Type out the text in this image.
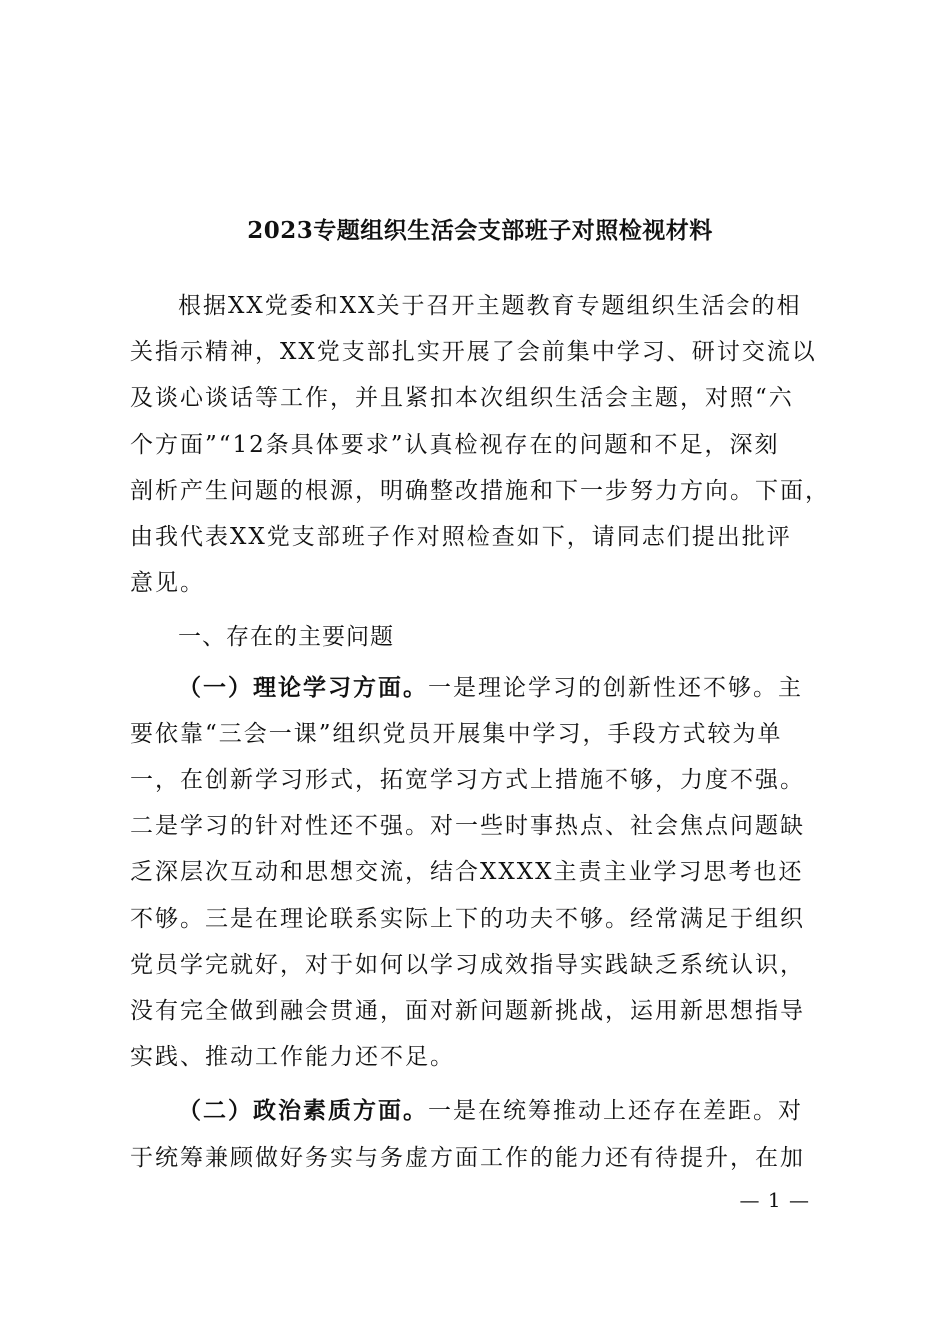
2023专题组织生活会支部班子对照检视材料
根据XX党委和XX关于召开主题教育专题组织生活会的相
关指示精神，XX党支部扎实开展了会前集中学习、研讨交流以
及谈心谈话等工作，并且紧扣本次组织生活会主题，对照“六
个方面”“12条具体要求”认真检视存在的问题和不足，深刻
剖析产生问题的根源，明确整改措施和下一步努力方向。下面，
由我代表XX党支部班子作对照检查如下，请同志们提出批评
意见。
一、存在的主要问题
（一）理论学习方面。一是理论学习的创新性还不够。主
要依靠“三会一课”组织党员开展集中学习，手段方式较为单
一，在创新学习形式，拓宽学习方式上措施不够，力度不强。
二是学习的针对性还不强。对一些时事热点、社会焦点问题缺
乏深层次互动和思想交流，结合XXXX主责主业学习思考也还
不够。三是在理论联系实际上下的功夫不够。经常满足于组织
党员学完就好，对于如何以学习成效指导实践缺乏系统认识，
没有完全做到融会贯通，面对新问题新挑战，运用新思想指导
实践、推动工作能力还不足。
（二）政治素质方面。一是在统筹推动上还存在差距。对
于统筹兼顾做好务实与务虚方面工作的能力还有待提升，在加
— 1 —
